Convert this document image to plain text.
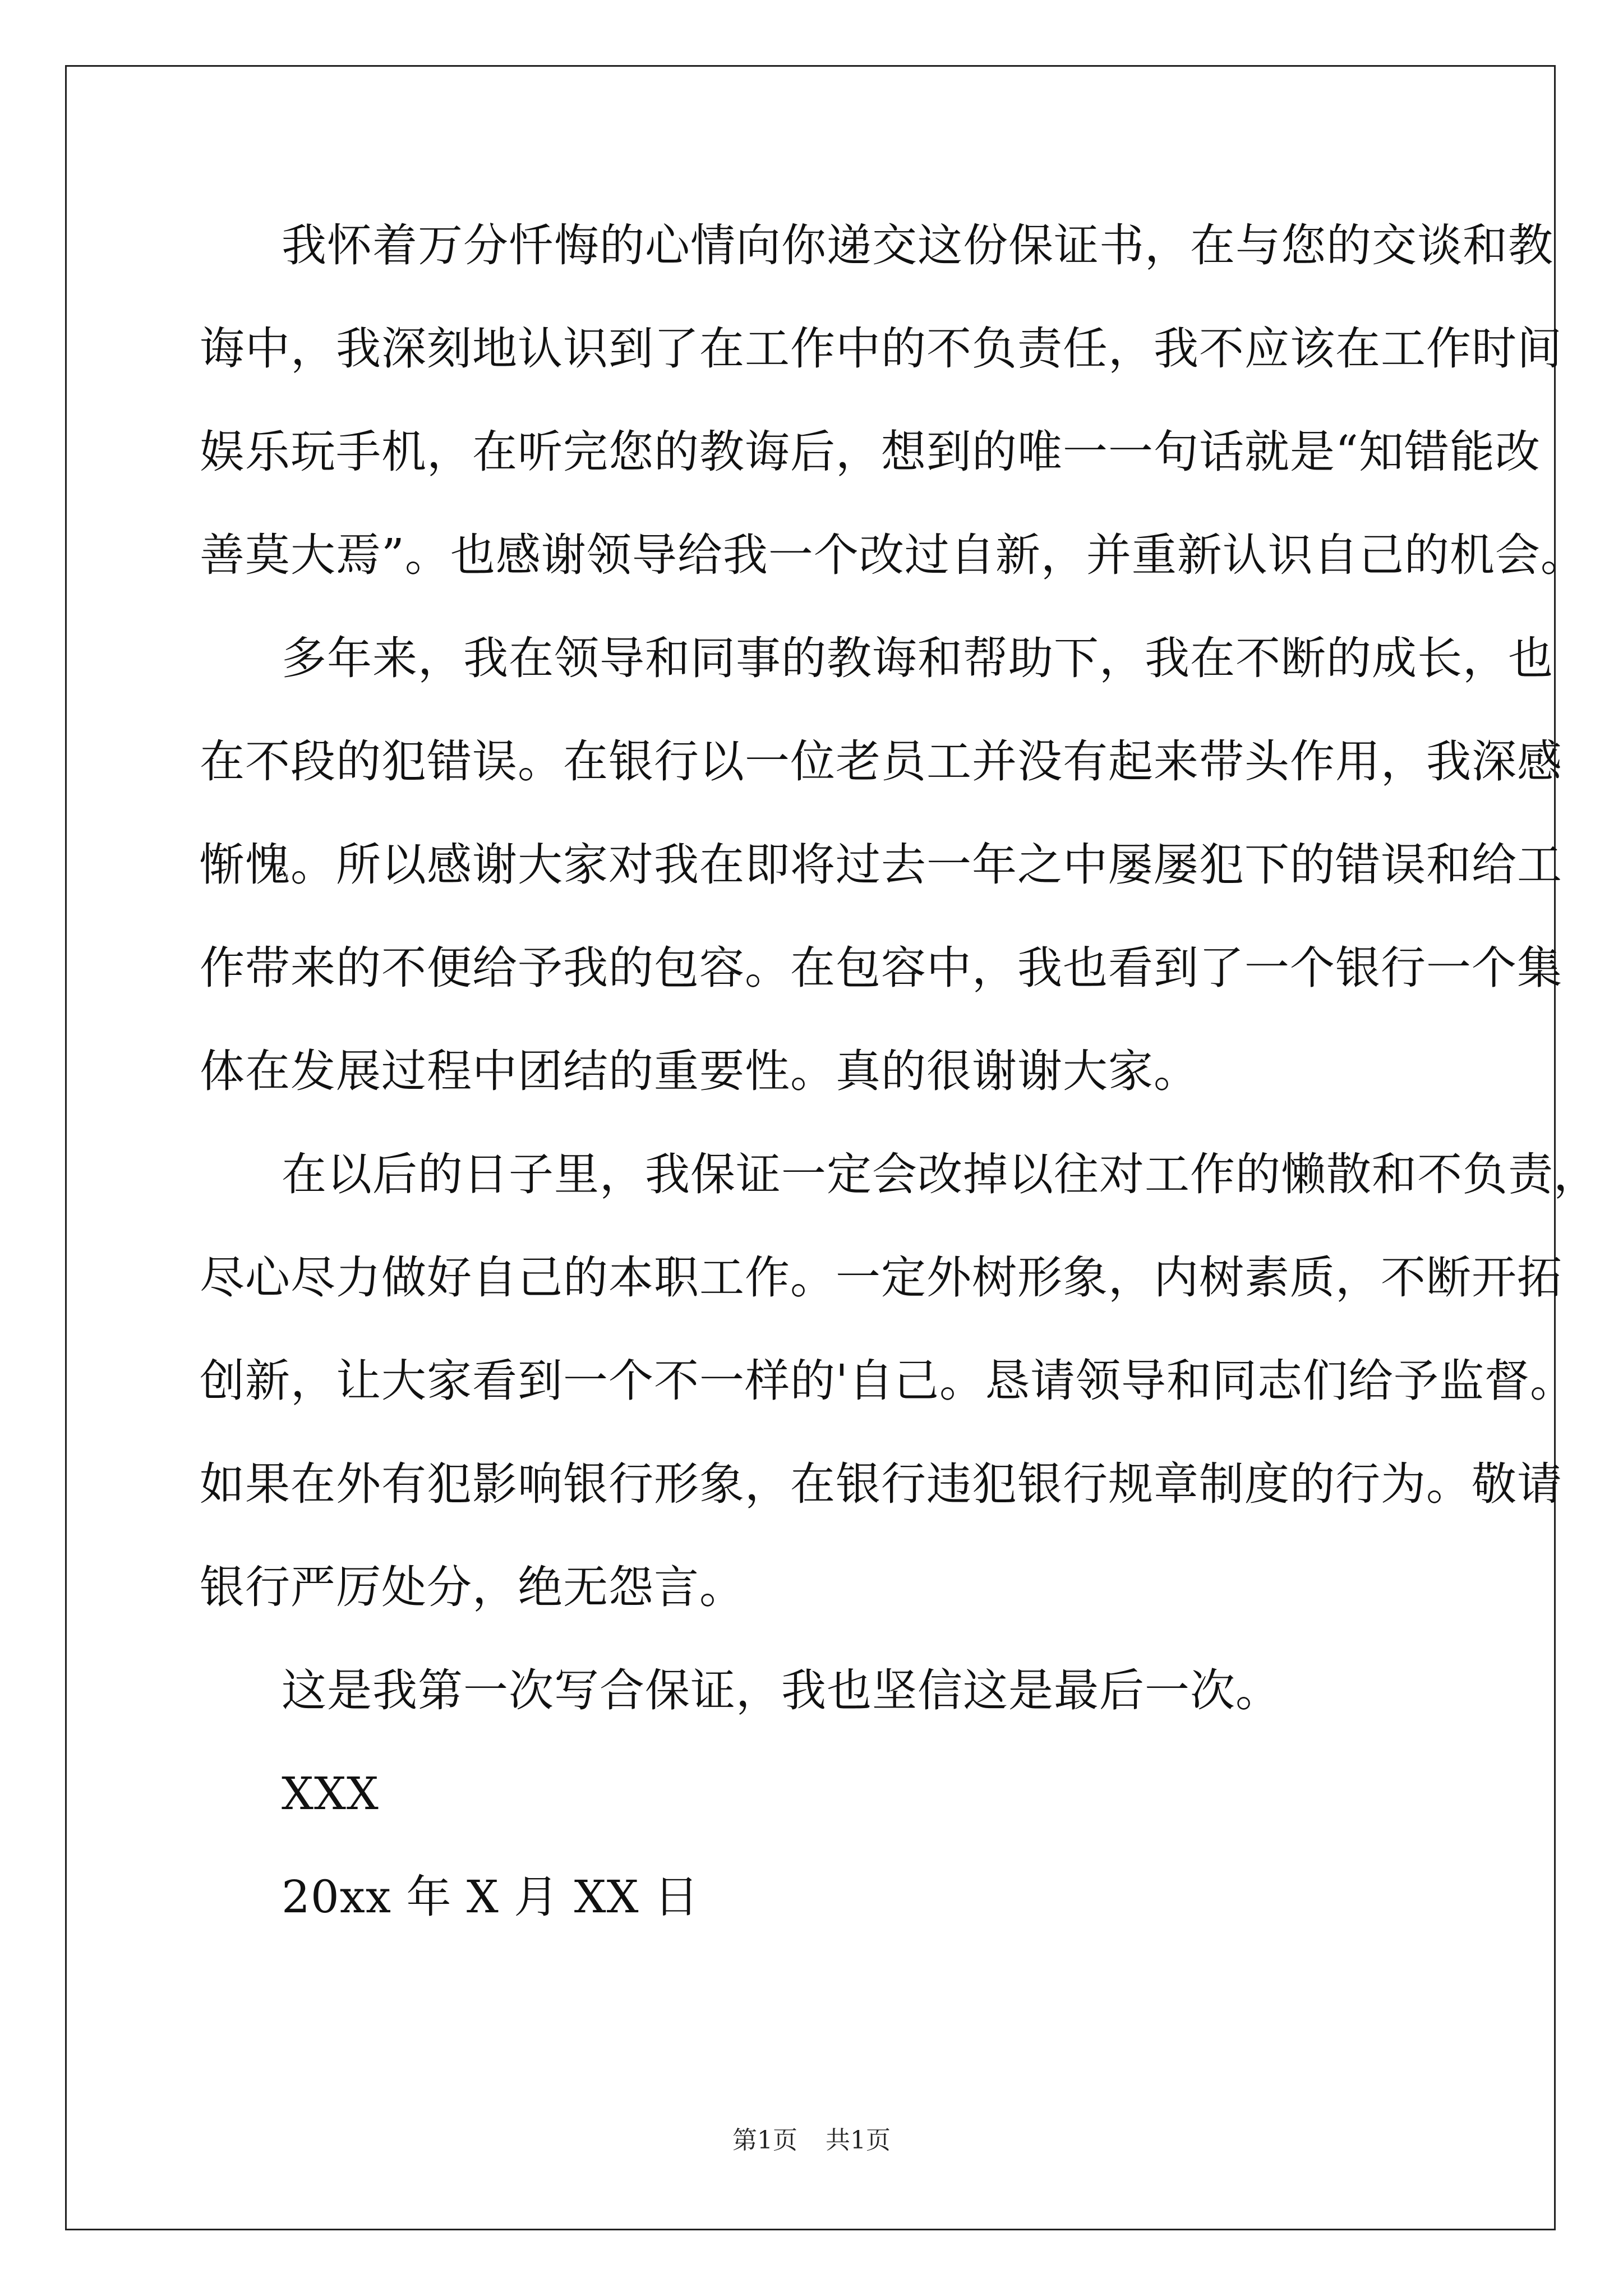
我怀着万分忏悔的心情向你递交这份保证书，在与您的交谈和教
诲中，我深刻地认识到了在工作中的不负责任，我不应该在工作时间
娱乐玩手机，在听完您的教诲后，想到的唯一一句话就是“知错能改
善莫大焉”。也感谢领导给我一个改过自新，并重新认识自己的机会。
多年来，我在领导和同事的教诲和帮助下，我在不断的成长，也
在不段的犯错误。在银行以一位老员工并没有起来带头作用，我深感
惭愧。所以感谢大家对我在即将过去一年之中屡屡犯下的错误和给工
作带来的不便给予我的包容。在包容中，我也看到了一个银行一个集
体在发展过程中团结的重要性。真的很谢谢大家。
在以后的日子里，我保证一定会改掉以往对工作的懒散和不负责，
尽心尽力做好自己的本职工作。一定外树形象，内树素质，不断开拓
创新，让大家看到一个不一样的'自己。恳请领导和同志们给予监督。
如果在外有犯影响银行形象，在银行违犯银行规章制度的行为。敬请
银行严厉处分，绝无怨言。
这是我第一次写合保证，我也坚信这是最后一次。
XXX
20xx 年 X 月 XX 日
第1页 共1页
